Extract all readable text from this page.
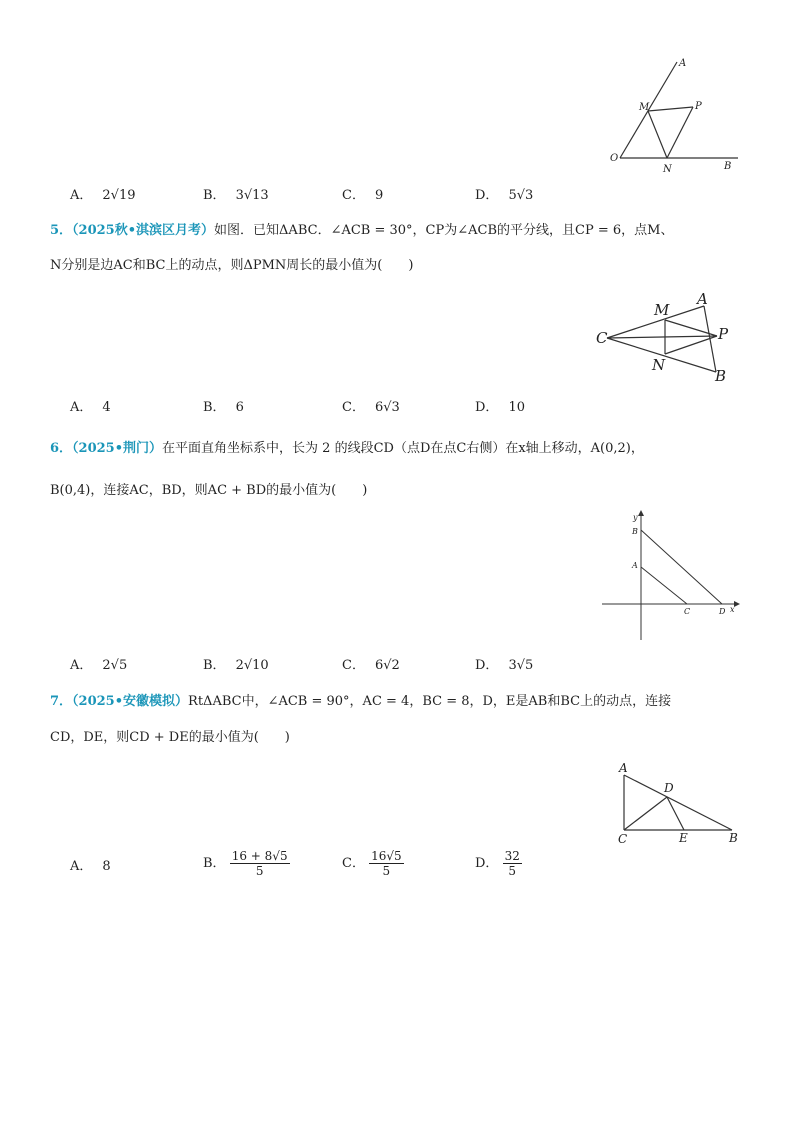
A
M	P
O
N	B
A． 2√19	B． 3√13	C． 9	D． 5√3
5．（2025秋•淇滨区月考）如图．已知ΔABC．∠ACB = 30°，CP为∠ACB的平分线，且CP = 6，点M、
N分别是边AC和BC上的动点，则ΔPMN周长的最小值为(　　)
C
M
A
P
N
B
A． 4	B． 6	C． 6√3	D． 10
6．（2025•荆门）在平面直角坐标系中，长为 2 的线段CD（点D在点C右侧）在x轴上移动，A(0,2)，
B(0,4)，连接AC，BD，则AC + BD的最小值为(　　)
y
B
A
C	D x
A． 2√5	B． 2√10	C． 6√2	D． 3√5
7．（2025•安徽模拟）RtΔABC中，∠ACB = 90°，AC = 4，BC = 8，D，E是AB和BC上的动点，连接
CD，DE，则CD + DE的最小值为(　　)
A
D
C	E	B
A． 8	B． $\frac{16 + 8√5}{5}$	C． $\frac{16√5}{5}$	D． $\frac{32}{5}$
